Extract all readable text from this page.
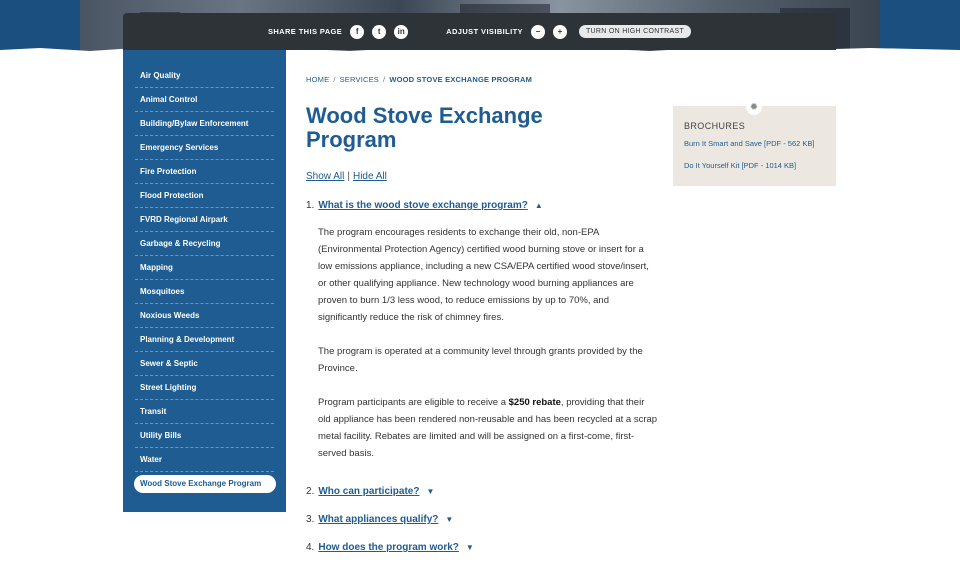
SHARE THIS PAGE	f	t	in	ADJUST VISIBILITY	−	+	TURN ON HIGH CONTRAST
Air Quality
Animal Control
Building/Bylaw Enforcement
Emergency Services
Fire Protection
Flood Protection
FVRD Regional Airpark
Garbage & Recycling
Mapping
Mosquitoes
Noxious Weeds
Planning & Development
Sewer & Septic
Street Lighting
Transit
Utility Bills
Water
Wood Stove Exchange Program
HOME / SERVICES / WOOD STOVE EXCHANGE PROGRAM
Wood Stove Exchange Program
Show All | Hide All
1. What is the wood stove exchange program? ▲

The program encourages residents to exchange their old, non-EPA (Environmental Protection Agency) certified wood burning stove or insert for a low emissions appliance, including a new CSA/EPA certified wood stove/insert, or other qualifying appliance. New technology wood burning appliances are proven to burn 1/3 less wood, to reduce emissions by up to 70%, and significantly reduce the risk of chimney fires.

The program is operated at a community level through grants provided by the Province.

Program participants are eligible to receive a $250 rebate, providing that their old appliance has been rendered non-reusable and has been recycled at a scrap metal facility. Rebates are limited and will be assigned on a first-come, first-served basis.

2. Who can participate? ▼
3. What appliances qualify? ▼
4. How does the program work? ▼
✹
BROCHURES
Burn It Smart and Save [PDF - 562 KB]
Do It Yourself Kit [PDF - 1014 KB]
